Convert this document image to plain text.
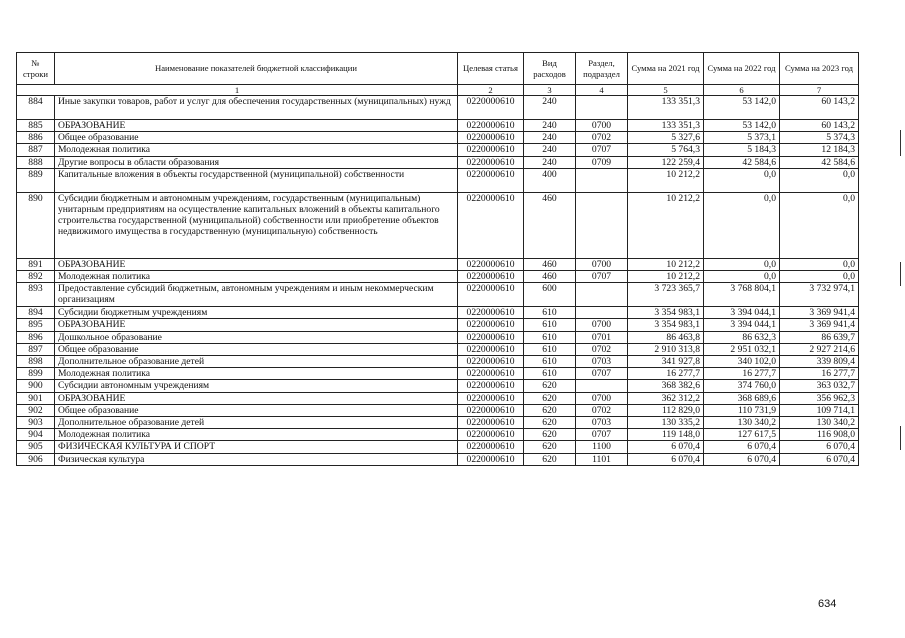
№ строки	Наименование показателей бюджетной классификации	Целевая статья	Вид расходов	Раздел, подраздел	Сумма на 2021 год	Сумма на 2022 год	Сумма на 2023 год
1		2	3	4	5	6	7
884	Иные закупки товаров, работ и услуг для обеспечения государственных (муниципальных) нужд	0220000610	240		133 351,3	53 142,0	60 143,2
885	ОБРАЗОВАНИЕ	0220000610	240	0700	133 351,3	53 142,0	60 143,2
886	Общее образование	0220000610	240	0702	5 327,6	5 373,1	5 374,3
887	Молодежная политика	0220000610	240	0707	5 764,3	5 184,3	12 184,3
888	Другие вопросы в области образования	0220000610	240	0709	122 259,4	42 584,6	42 584,6
889	Капитальные вложения в объекты государственной (муниципальной) собственности	0220000610	400		10 212,2	0,0	0,0
890	Субсидии бюджетным и автономным учреждениям, государственным (муниципальным) унитарным предприятиям на осуществление капитальных вложений в объекты капитального строительства государственной (муниципальной) собственности или приобретение объектов недвижимого имущества в государственную (муниципальную) собственность	0220000610	460		10 212,2	0,0	0,0
891	ОБРАЗОВАНИЕ	0220000610	460	0700	10 212,2	0,0	0,0
892	Молодежная политика	0220000610	460	0707	10 212,2	0,0	0,0
893	Предоставление субсидий бюджетным, автономным учреждениям и иным некоммерческим организациям	0220000610	600		3 723 365,7	3 768 804,1	3 732 974,1
894	Субсидии бюджетным учреждениям	0220000610	610		3 354 983,1	3 394 044,1	3 369 941,4
895	ОБРАЗОВАНИЕ	0220000610	610	0700	3 354 983,1	3 394 044,1	3 369 941,4
896	Дошкольное образование	0220000610	610	0701	86 463,8	86 632,3	86 639,7
897	Общее образование	0220000610	610	0702	2 910 313,8	2 951 032,1	2 927 214,6
898	Дополнительное образование детей	0220000610	610	0703	341 927,8	340 102,0	339 809,4
899	Молодежная политика	0220000610	610	0707	16 277,7	16 277,7	16 277,7
900	Субсидии автономным учреждениям	0220000610	620		368 382,6	374 760,0	363 032,7
901	ОБРАЗОВАНИЕ	0220000610	620	0700	362 312,2	368 689,6	356 962,3
902	Общее образование	0220000610	620	0702	112 829,0	110 731,9	109 714,1
903	Дополнительное образование детей	0220000610	620	0703	130 335,2	130 340,2	130 340,2
904	Молодежная политика	0220000610	620	0707	119 148,0	127 617,5	116 908,0
905	ФИЗИЧЕСКАЯ КУЛЬТУРА И СПОРТ	0220000610	620	1100	6 070,4	6 070,4	6 070,4
906	Физическая культура	0220000610	620	1101	6 070,4	6 070,4	6 070,4
634
